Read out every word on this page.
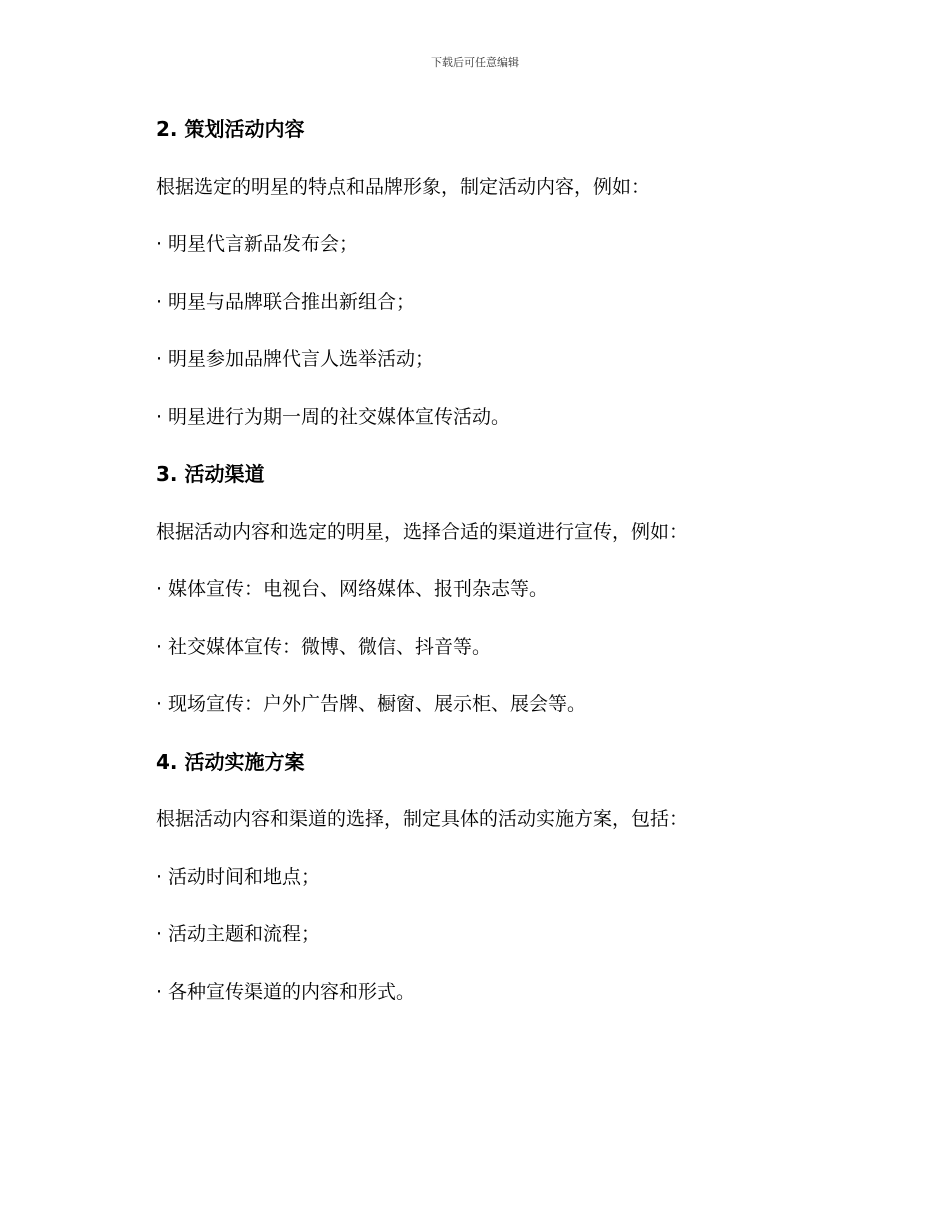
下载后可任意编辑

2. 策划活动内容

根据选定的明星的特点和品牌形象，制定活动内容，例如：

· 明星代言新品发布会；

· 明星与品牌联合推出新组合；

· 明星参加品牌代言人选举活动；

· 明星进行为期一周的社交媒体宣传活动。

3. 活动渠道

根据活动内容和选定的明星，选择合适的渠道进行宣传，例如：

· 媒体宣传：电视台、网络媒体、报刊杂志等。

· 社交媒体宣传：微博、微信、抖音等。

· 现场宣传：户外广告牌、橱窗、展示柜、展会等。

4. 活动实施方案

根据活动内容和渠道的选择，制定具体的活动实施方案，包括：

· 活动时间和地点；

· 活动主题和流程；

· 各种宣传渠道的内容和形式。
